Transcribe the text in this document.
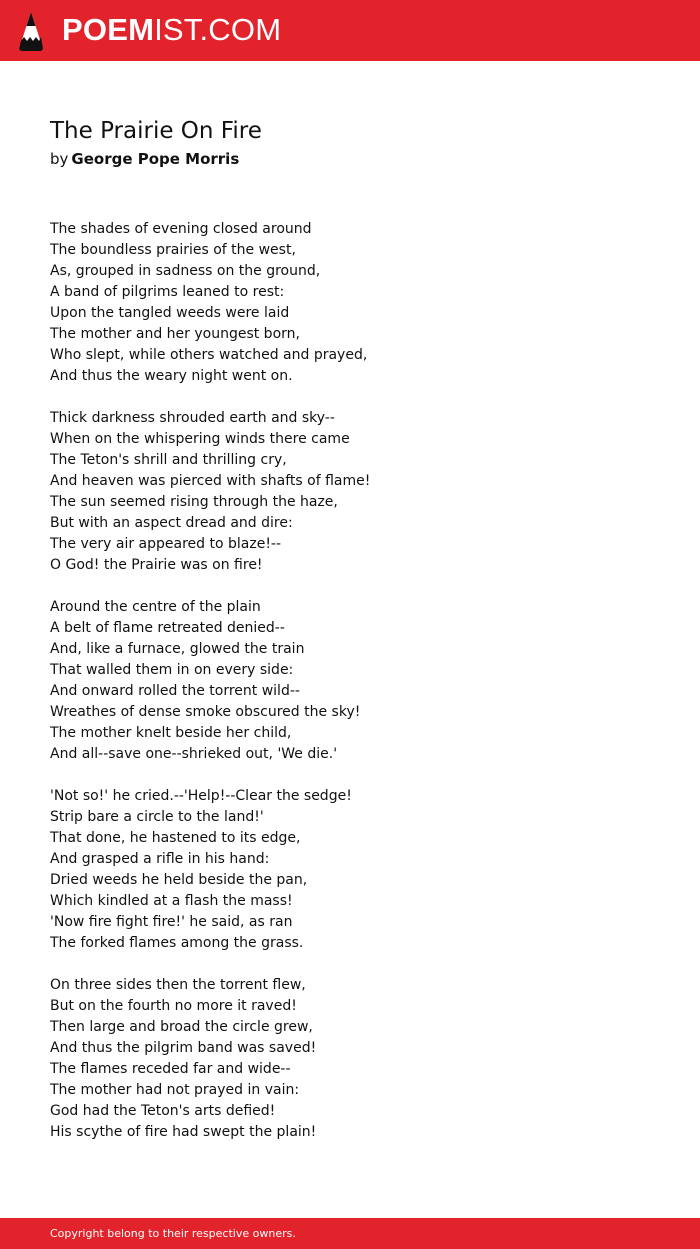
POEMIST.COM
The Prairie On Fire
by George Pope Morris
The shades of evening closed around
The boundless prairies of the west,
As, grouped in sadness on the ground,
A band of pilgrims leaned to rest:
Upon the tangled weeds were laid
The mother and her youngest born,
Who slept, while others watched and prayed,
And thus the weary night went on.
Thick darkness shrouded earth and sky--
When on the whispering winds there came
The Teton's shrill and thrilling cry,
And heaven was pierced with shafts of flame!
The sun seemed rising through the haze,
But with an aspect dread and dire:
The very air appeared to blaze!--
O God! the Prairie was on fire!
Around the centre of the plain
A belt of flame retreated denied--
And, like a furnace, glowed the train
That walled them in on every side:
And onward rolled the torrent wild--
Wreathes of dense smoke obscured the sky!
The mother knelt beside her child,
And all--save one--shrieked out, 'We die.'
'Not so!' he cried.--'Help!--Clear the sedge!
Strip bare a circle to the land!'
That done, he hastened to its edge,
And grasped a rifle in his hand:
Dried weeds he held beside the pan,
Which kindled at a flash the mass!
'Now fire fight fire!' he said, as ran
The forked flames among the grass.
On three sides then the torrent flew,
But on the fourth no more it raved!
Then large and broad the circle grew,
And thus the pilgrim band was saved!
The flames receded far and wide--
The mother had not prayed in vain:
God had the Teton's arts defied!
His scythe of fire had swept the plain!
Copyright belong to their respective owners.
